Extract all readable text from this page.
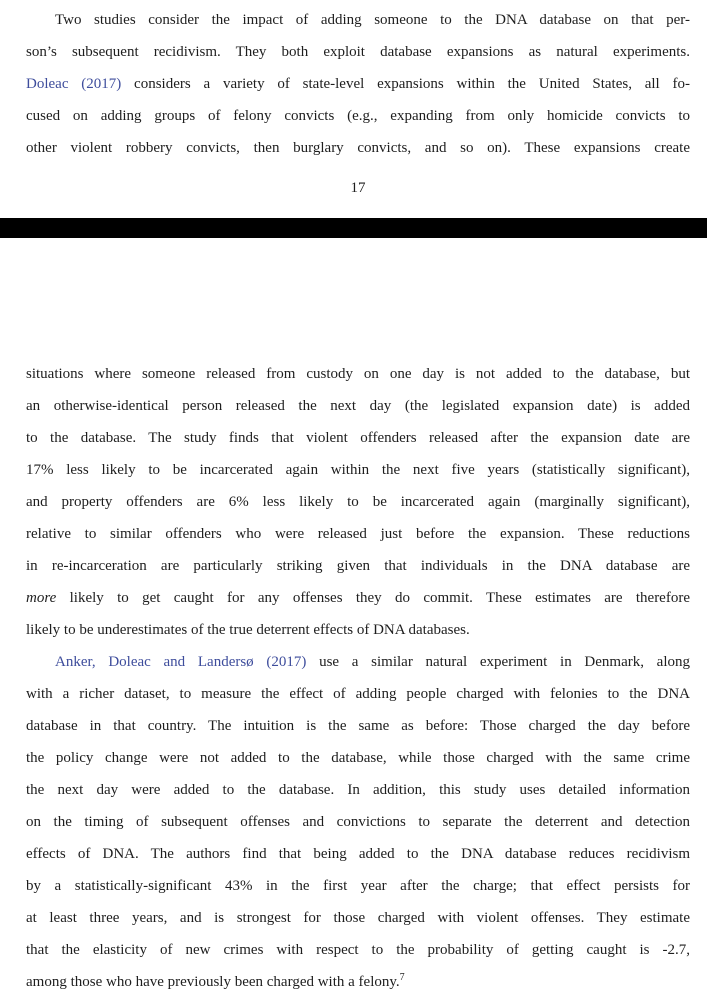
Two studies consider the impact of adding someone to the DNA database on that per-
son’s subsequent recidivism. They both exploit database expansions as natural experiments.
Doleac (2017) considers a variety of state-level expansions within the United States, all fo-
cused on adding groups of felony convicts (e.g., expanding from only homicide convicts to
other violent robbery convicts, then burglary convicts, and so on). These expansions create
17
situations where someone released from custody on one day is not added to the database, but
an otherwise-identical person released the next day (the legislated expansion date) is added
to the database. The study finds that violent offenders released after the expansion date are
17% less likely to be incarcerated again within the next five years (statistically significant),
and property offenders are 6% less likely to be incarcerated again (marginally significant),
relative to similar offenders who were released just before the expansion. These reductions
in re-incarceration are particularly striking given that individuals in the DNA database are
more likely to get caught for any offenses they do commit. These estimates are therefore
likely to be underestimates of the true deterrent effects of DNA databases.
Anker, Doleac and Landersø (2017) use a similar natural experiment in Denmark, along
with a richer dataset, to measure the effect of adding people charged with felonies to the DNA
database in that country. The intuition is the same as before: Those charged the day before
the policy change were not added to the database, while those charged with the same crime
the next day were added to the database. In addition, this study uses detailed information
on the timing of subsequent offenses and convictions to separate the deterrent and detection
effects of DNA. The authors find that being added to the DNA database reduces recidivism
by a statistically-significant 43% in the first year after the charge; that effect persists for
at least three years, and is strongest for those charged with violent offenses. They estimate
that the elasticity of new crimes with respect to the probability of getting caught is -2.7,
among those who have previously been charged with a felony.$^7$
